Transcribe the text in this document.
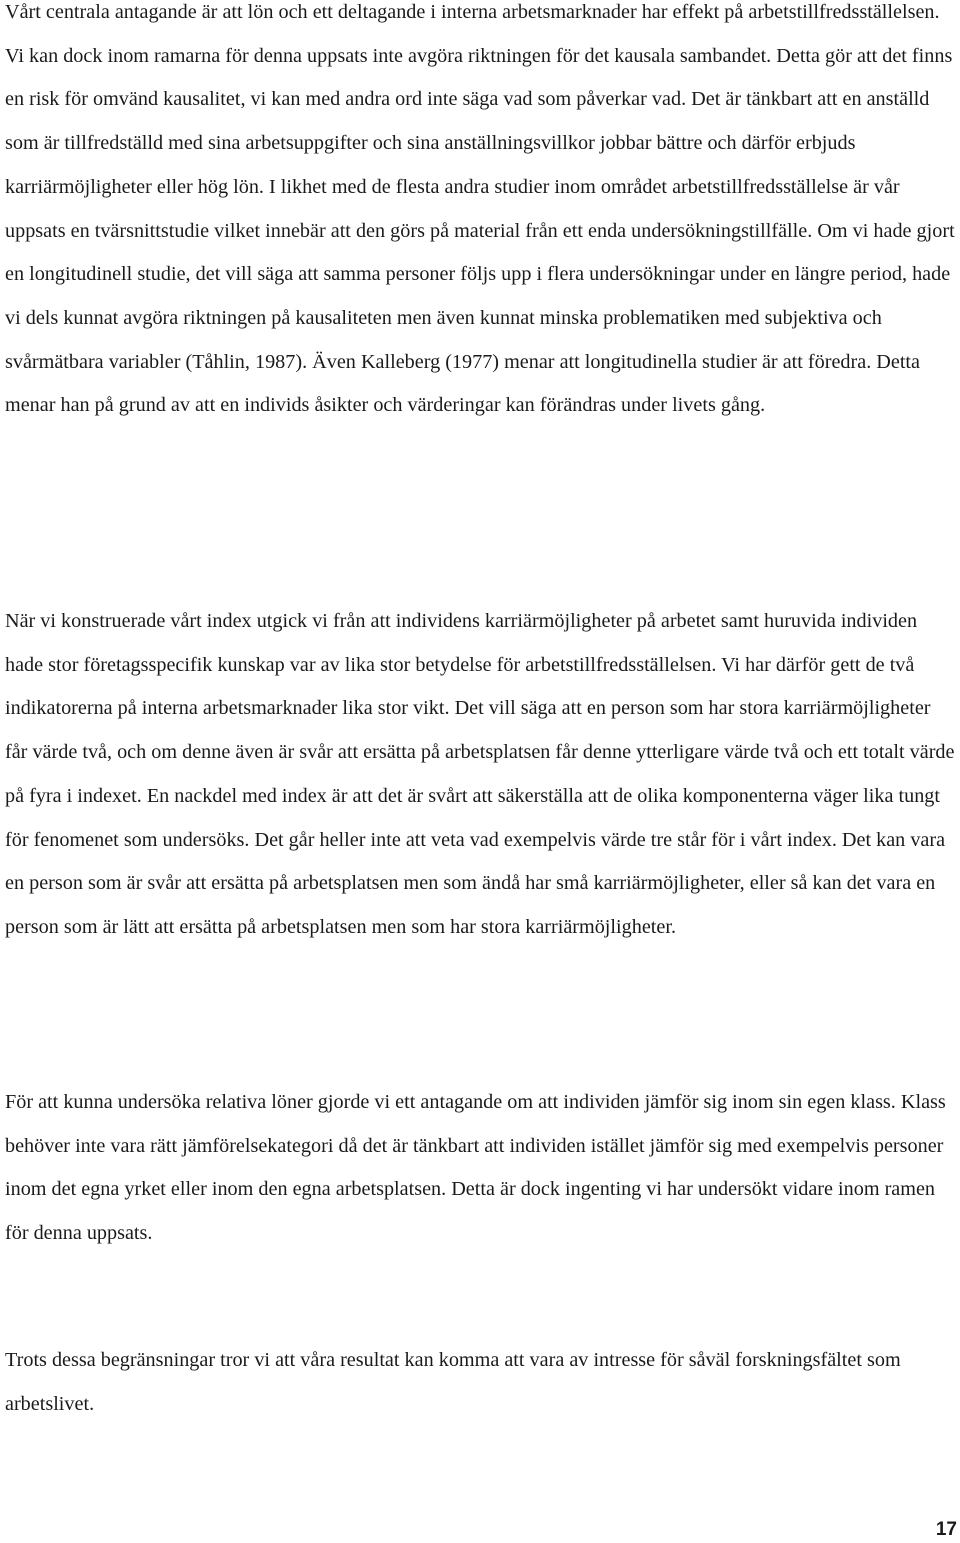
Vårt centrala antagande är att lön och ett deltagande i interna arbetsmarknader har effekt på arbetstillfredsställelsen. Vi kan dock inom ramarna för denna uppsats inte avgöra riktningen för det kausala sambandet. Detta gör att det finns en risk för omvänd kausalitet, vi kan med andra ord inte säga vad som påverkar vad. Det är tänkbart att en anställd som är tillfredställd med sina arbetsuppgifter och sina anställningsvillkor jobbar bättre och därför erbjuds karriärmöjligheter eller hög lön. I likhet med de flesta andra studier inom området arbetstillfredsställelse är vår uppsats en tvärsnittstudie vilket innebär att den görs på material från ett enda undersökningstillfälle. Om vi hade gjort en longitudinell studie, det vill säga att samma personer följs upp i flera undersökningar under en längre period, hade vi dels kunnat avgöra riktningen på kausaliteten men även kunnat minska problematiken med subjektiva och svårmätbara variabler (Tåhlin, 1987). Även Kalleberg (1977) menar att longitudinella studier är att föredra. Detta menar han på grund av att en individs åsikter och värderingar kan förändras under livets gång.

När vi konstruerade vårt index utgick vi från att individens karriärmöjligheter på arbetet samt huruvida individen hade stor företagsspecifik kunskap var av lika stor betydelse för arbetstillfredsställelsen. Vi har därför gett de två indikatorerna på interna arbetsmarknader lika stor vikt. Det vill säga att en person som har stora karriärmöjligheter får värde två, och om denne även är svår att ersätta på arbetsplatsen får denne ytterligare värde två och ett totalt värde på fyra i indexet. En nackdel med index är att det är svårt att säkerställa att de olika komponenterna väger lika tungt för fenomenet som undersöks. Det går heller inte att veta vad exempelvis värde tre står för i vårt index. Det kan vara en person som är svår att ersätta på arbetsplatsen men som ändå har små karriärmöjligheter, eller så kan det vara en person som är lätt att ersätta på arbetsplatsen men som har stora karriärmöjligheter.

För att kunna undersöka relativa löner gjorde vi ett antagande om att individen jämför sig inom sin egen klass. Klass behöver inte vara rätt jämförelsekategori då det är tänkbart att individen istället jämför sig med exempelvis personer inom det egna yrket eller inom den egna arbetsplatsen. Detta är dock ingenting vi har undersökt vidare inom ramen för denna uppsats.

Trots dessa begränsningar tror vi att våra resultat kan komma att vara av intresse för såväl forskningsfältet som arbetslivet.

17
